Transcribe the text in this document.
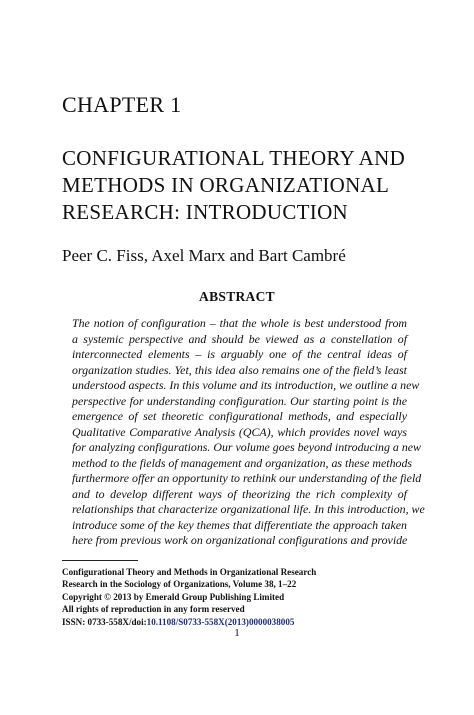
CHAPTER 1
CONFIGURATIONAL THEORY AND
METHODS IN ORGANIZATIONAL
RESEARCH: INTRODUCTION

Peer C. Fiss, Axel Marx and Bart Cambré

ABSTRACT
The notion of configuration – that the whole is best understood from
a systemic perspective and should be viewed as a constellation of
interconnected elements – is arguably one of the central ideas of
organization studies. Yet, this idea also remains one of the field’s least
understood aspects. In this volume and its introduction, we outline a new
perspective for understanding configuration. Our starting point is the
emergence of set theoretic configurational methods, and especially
Qualitative Comparative Analysis (QCA), which provides novel ways
for analyzing configurations. Our volume goes beyond introducing a new
method to the fields of management and organization, as these methods
furthermore offer an opportunity to rethink our understanding of the field
and to develop different ways of theorizing the rich complexity of
relationships that characterize organizational life. In this introduction, we
introduce some of the key themes that differentiate the approach taken
here from previous work on organizational configurations and provide
Configurational Theory and Methods in Organizational Research
Research in the Sociology of Organizations, Volume 38, 1–22
Copyright © 2013 by Emerald Group Publishing Limited
All rights of reproduction in any form reserved
ISSN: 0733-558X/doi:10.1108/S0733-558X(2013)0000038005

1
